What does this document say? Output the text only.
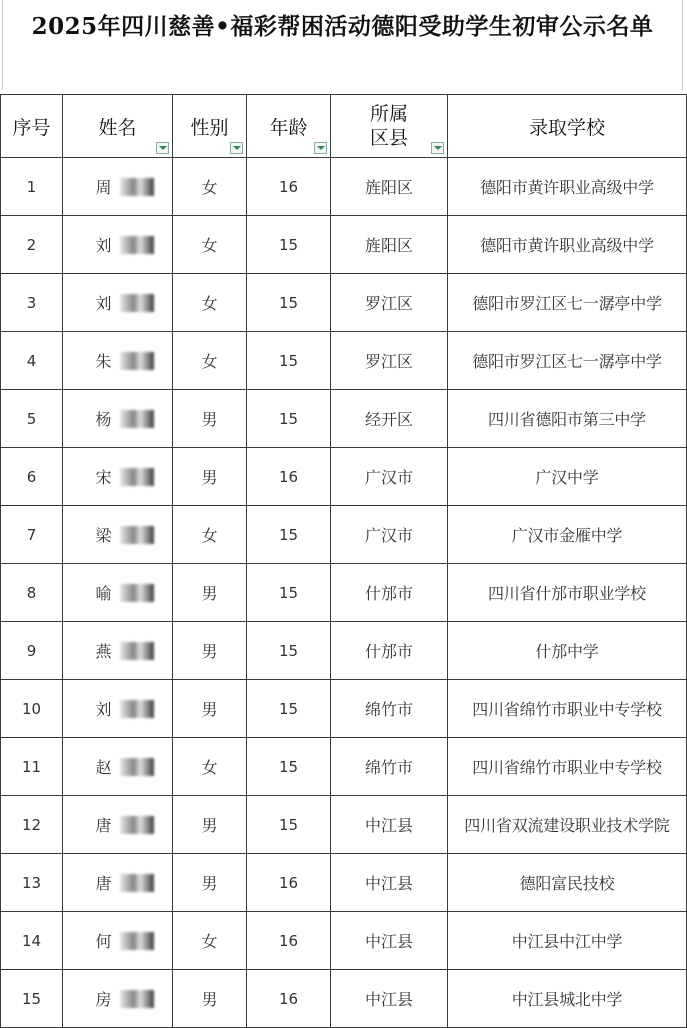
2025年四川慈善•福彩帮困活动德阳受助学生初审公示名单
序号	姓名	性别	年龄	所属区县	录取学校
1	周	女	16	旌阳区	德阳市黄许职业高级中学
2	刘	女	15	旌阳区	德阳市黄许职业高级中学
3	刘	女	15	罗江区	德阳市罗江区七一潺亭中学
4	朱	女	15	罗江区	德阳市罗江区七一潺亭中学
5	杨	男	15	经开区	四川省德阳市第三中学
6	宋	男	16	广汉市	广汉中学
7	梁	女	15	广汉市	广汉市金雁中学
8	喻	男	15	什邡市	四川省什邡市职业学校
9	燕	男	15	什邡市	什邡中学
10	刘	男	15	绵竹市	四川省绵竹市职业中专学校
11	赵	女	15	绵竹市	四川省绵竹市职业中专学校
12	唐	男	15	中江县	四川省双流建设职业技术学院
13	唐	男	16	中江县	德阳富民技校
14	何	女	16	中江县	中江县中江中学
15	房	男	16	中江县	中江县城北中学
